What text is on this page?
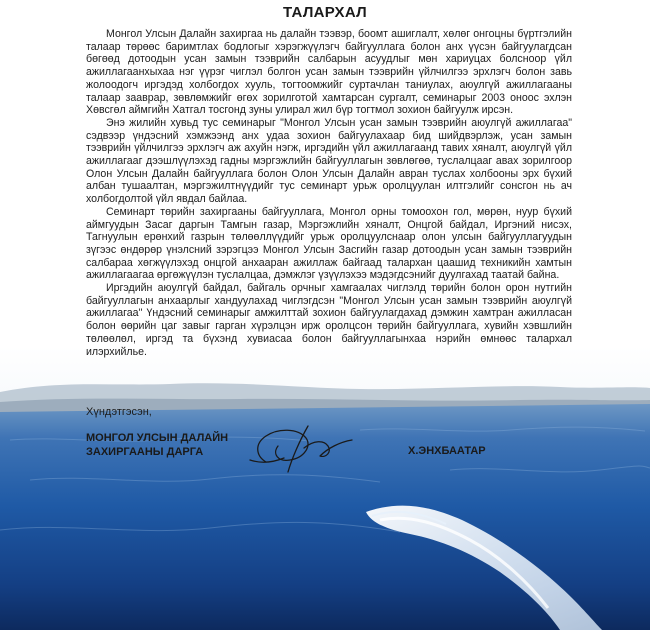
ТАЛАРХАЛ

Монгол Улсын Далайн захиргаа нь далайн тээвэр, боомт ашиглалт, хөлөг онгоцны бүртгэлийн талаар төрөөс баримтлах бодлогыг хэрэгжүүлэгч байгууллага болон анх үүсэн байгуулагдсан бөгөөд дотоодын усан замын тээврийн салбарын асуудлыг мөн хариуцах болсноор үйл ажиллагаанхыхаа нэг үүрэг чиглэл болгон усан замын тээврийн үйлчилгээ эрхлэгч болон завь жолоодогч иргэдэд холбогдох хууль, тогтоомжийг суртачлан таниулах, аюулгүй ажиллагааны талаар зааврар, зөвлөмжийг өгөх зорилготой хамтарсан сургалт, семинарыг 2003 оноос эхлэн Хөвсгөл аймгийн Хатгал тосгонд зуны улирал жил бүр тогтмол зохион байгуулж ирсэн.

Энэ жилийн хувьд тус семинарыг "Монгол Улсын усан замын тээврийн аюулгүй ажиллагаа" сэдвээр үндэсний хэмжээнд анх удаа зохион байгуулахаар бид шийдвэрлэж, усан замын тээврийн үйлчилгээ эрхлэгч аж ахуйн нэгж, иргэдийн үйл ажиллагаанд тавих хяналт, аюулгүй үйл ажиллагааг дээшлүүлэхэд гадны мэргэжлийн байгууллагын зөвлөгөө, туслалцааг авах зорилгоор Олон Улсын Далайн байгууллага болон Олон Улсын Далайн авран туслах холбооны эрх бүхий албан тушаалтан, мэргэжилтнүүдийг тус семинарт урьж оролцуулан илтгэлийг сонсгон нь ач холбогдолтой үйл явдал байлаа.

Семинарт төрийн захиргааны байгууллага, Монгол орны томоохон гол, мөрөн, нуур бүхий аймгуудын Засаг даргын Тамгын газар, Мэргэжлийн хяналт, Онцгой байдал, Иргэний нисэх, Тагнуулын ерөнхий газрын төлөөллүүдийг урьж оролцуулснаар олон улсын байгууллагуудын зүгээс өндөрөр үнэлсний зэрэгцээ Монгол Улсын Засгийн газар дотоодын усан замын тээврийн салбараа хөгжүүлэхэд онцгой анхааран ажиллаж байгаад талархан цаашид техникийн хамтын ажиллагаагаа өргөжүүлэн туслалцаа, дэмжлэг үзүүлэхээ мэдэгдсэнийг дуулгахад таатай байна.

Иргэдийн аюулгүй байдал, байгаль орчныг хамгаалах чиглэлд төрийн болон орон нутгийн байгууллагын анхаарлыг хандуулахад чиглэгдсэн "Монгол Улсын усан замын тээврийн аюулгүй ажиллагаа" Үндэсний семинарыг амжилттай зохион байгуулагдахад дэмжин хамтран ажилласан болон өөрийн цаг завыг гарган хүрэлцэн ирж оролцсон төрийн байгууллага, хувийн хэвшлийн төлөөлөл, иргэд та бүхэнд хувиасаа болон байгууллагынхаа нэрийн өмнөөс талархал илэрхийлье.

Хүндэтгэсэн,
МОНГОЛ УЛСЫН ДАЛАЙН
ЗАХИРГААНЫ ДАРГА	Х.ЭНХБААТАР
